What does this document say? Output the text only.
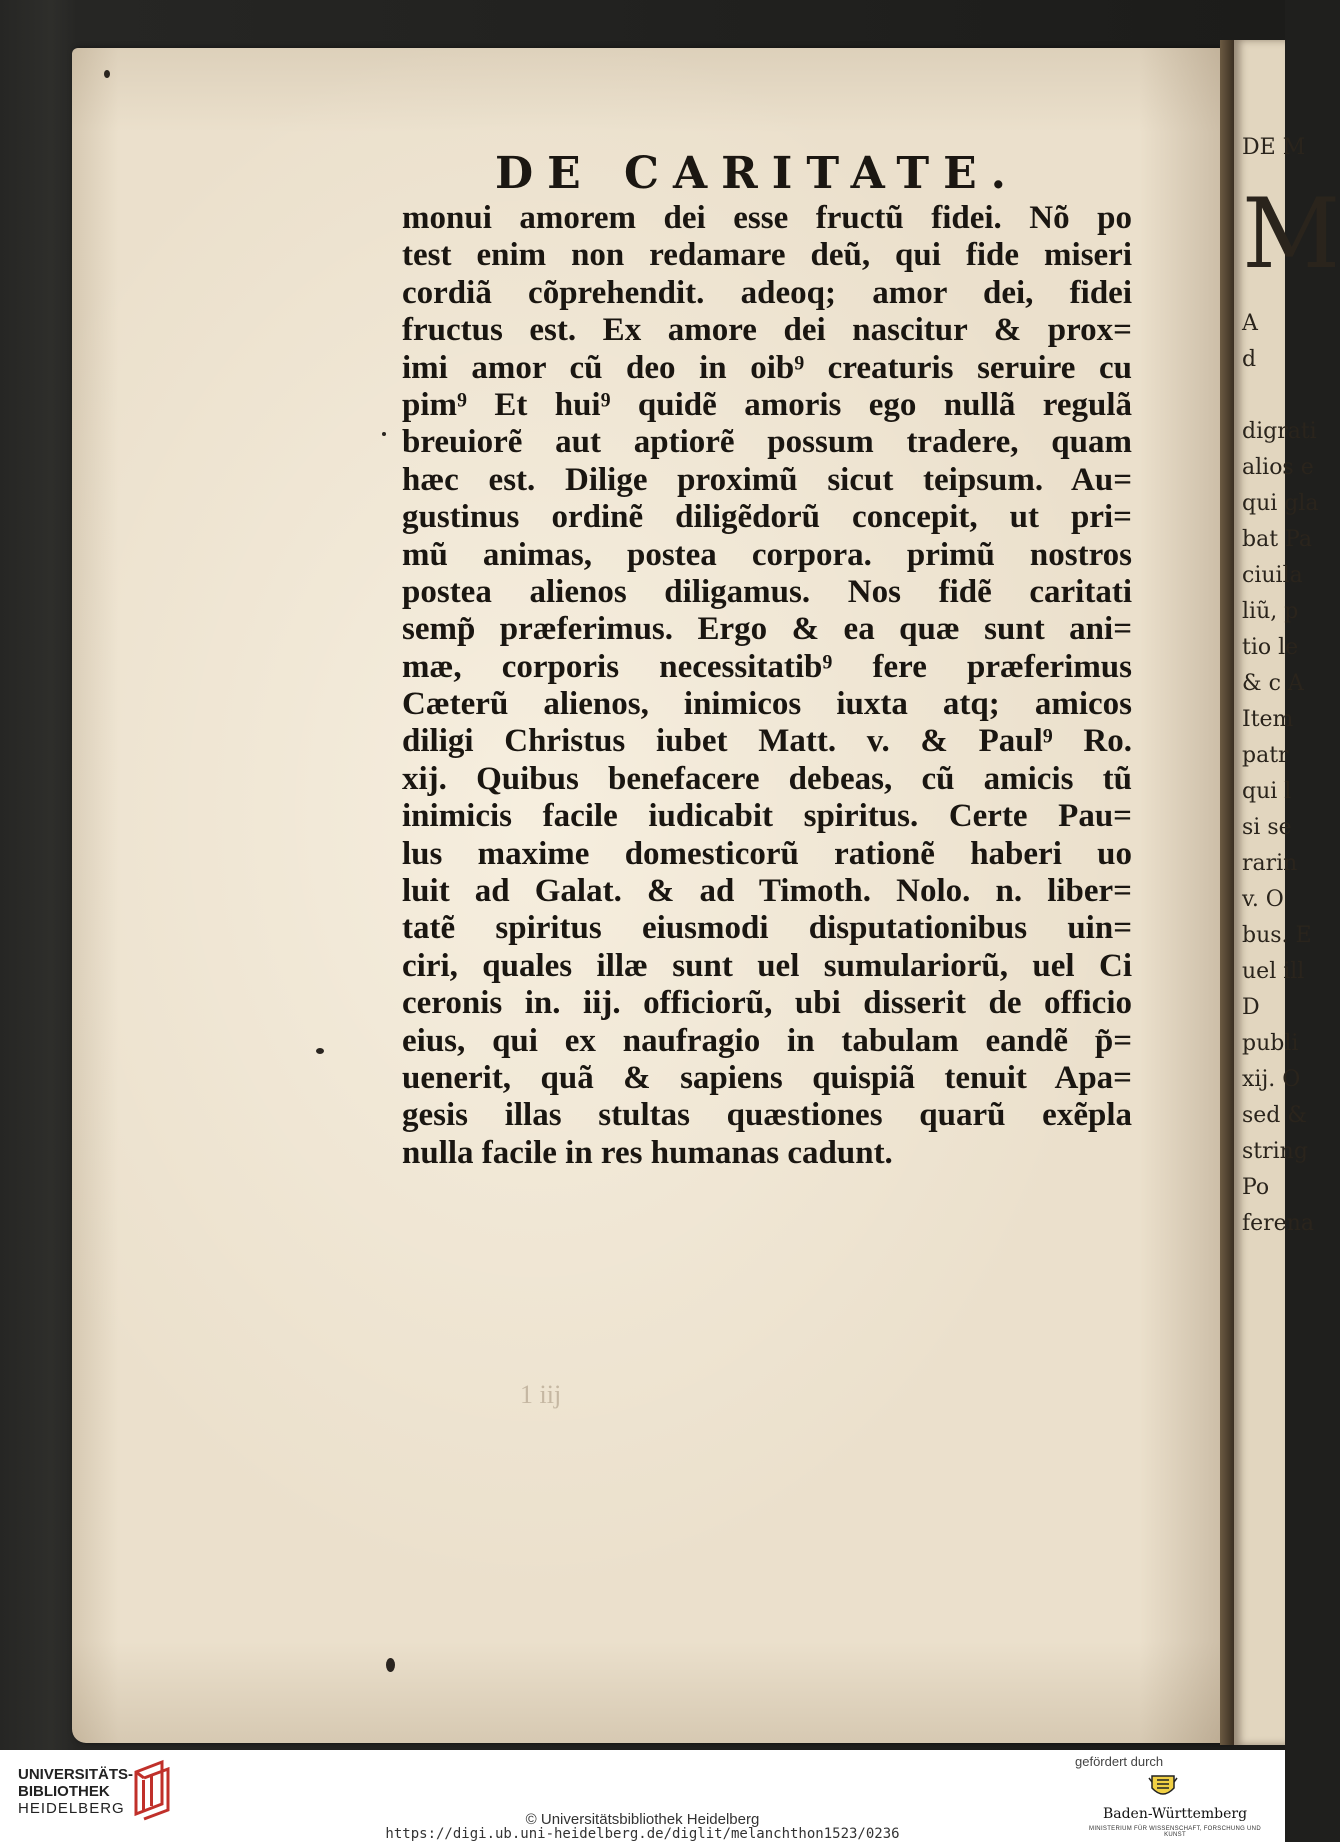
DE M
M
A
d
digrati
alios e
qui gla
bat Pa
ciuila
liũ, p
tio le
& c A
Item
patr
qui l
si se
rarin
v. O
bus. E
uel ill
D
publi
xij. O
sed &
string
Po
ferena
DE CARITATE.
monui amorem dei esse fructũ fidei. Nõ po
test enim non redamare deũ, qui fide miseri
cordiã cõprehendit. adeoq; amor dei, fidei
fructus est. Ex amore dei nascitur & prox=
imi amor cũ deo in oib⁹ creaturis seruire cu
pim⁹ Et hui⁹ quidẽ amoris ego nullã regulã
breuiorẽ aut aptiorẽ possum tradere, quam
hæc est. Dilige proximũ sicut teipsum. Au=
gustinus ordinẽ diligẽdorũ concepit, ut pri=
mũ animas, postea corpora. primũ nostros
postea alienos diligamus. Nos fidẽ caritati
semp̃ præferimus. Ergo & ea quæ sunt ani=
mæ, corporis necessitatib⁹ fere præferimus
Cæterũ alienos, inimicos iuxta atq; amicos
diligi Christus iubet Matt. v. & Paul⁹ Ro.
xij. Quibus benefacere debeas, cũ amicis tũ
inimicis facile iudicabit spiritus. Certe Pau=
lus maxime domesticorũ rationẽ haberi uo
luit ad Galat. & ad Timoth. Nolo. n. liber=
tatẽ spiritus eiusmodi disputationibus uin=
ciri, quales illæ sunt uel sumulariorũ, uel Ci
ceronis in. iij. officiorũ, ubi disserit de officio
eius, qui ex naufragio in tabulam eandẽ p̃=
uenerit, quã & sapiens quispiã tenuit Apa=
gesis illas stultas quæstiones quarũ exẽpla
nulla facile in res humanas cadunt.
1 iij
UNIVERSITÄTS-
BIBLIOTHEK
HEIDELBERG
© Universitätsbibliothek Heidelberg
https://digi.ub.uni-heidelberg.de/diglit/melanchthon1523/0236
gefördert durch
Baden-Württemberg
MINISTERIUM FÜR WISSENSCHAFT, FORSCHUNG UND KUNST
